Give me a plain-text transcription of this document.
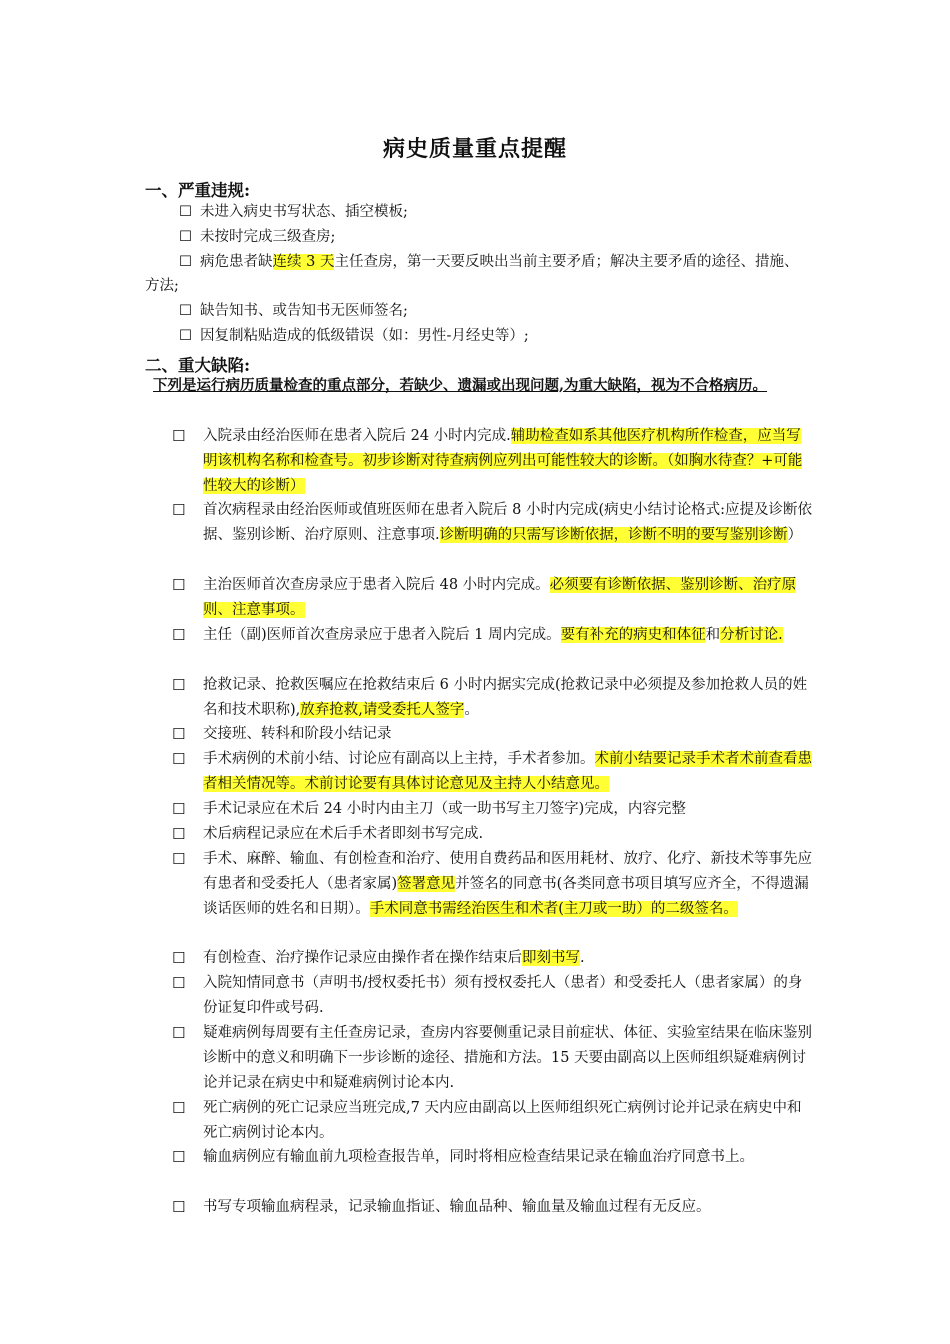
病史质量重点提醒
一、严重违规:
☐ 未进入病史书写状态、插空模板;
☐ 未按时完成三级查房;
☐ 病危患者缺连续 3 天主任查房，第一天要反映出当前主要矛盾；解决主要矛盾的途径、措施、方法;
☐ 缺告知书、或告知书无医师签名;
☐ 因复制粘贴造成的低级错误（如：男性-月经史等）;
二、重大缺陷:
下列是运行病历质量检查的重点部分，若缺少、遗漏或出现问题,为重大缺陷，视为不合格病历。
☐ 入院录由经治医师在患者入院后 24 小时内完成.辅助检查如系其他医疗机构所作检查，应当写明该机构名称和检查号。初步诊断对待查病例应列出可能性较大的诊断。（如胸水待查？+可能性较大的诊断）
☐ 首次病程录由经治医师或值班医师在患者入院后 8 小时内完成(病史小结讨论格式:应提及诊断依据、鉴别诊断、治疗原则、注意事项.诊断明确的只需写诊断依据，诊断不明的要写鉴别诊断）
☐ 主治医师首次查房录应于患者入院后 48 小时内完成。必须要有诊断依据、鉴别诊断、治疗原则、注意事项。
☐ 主任（副)医师首次查房录应于患者入院后 1 周内完成。要有补充的病史和体征和分析讨论.
☐ 抢救记录、抢救医嘱应在抢救结束后 6 小时内据实完成(抢救记录中必须提及参加抢救人员的姓名和技术职称),放弃抢救,请受委托人签字。
☐ 交接班、转科和阶段小结记录
☐ 手术病例的术前小结、讨论应有副高以上主持，手术者参加。术前小结要记录手术者术前查看患者相关情况等。术前讨论要有具体讨论意见及主持人小结意见。
☐ 手术记录应在术后 24 小时内由主刀（或一助书写主刀签字)完成，内容完整
☐ 术后病程记录应在术后手术者即刻书写完成.
☐ 手术、麻醉、输血、有创检查和治疗、使用自费药品和医用耗材、放疗、化疗、新技术等事先应有患者和受委托人（患者家属)签署意见并签名的同意书(各类同意书项目填写应齐全，不得遗漏谈话医师的姓名和日期）。手术同意书需经治医生和术者(主刀或一助）的二级签名。
☐ 有创检查、治疗操作记录应由操作者在操作结束后即刻书写.
☐ 入院知情同意书（声明书/授权委托书）须有授权委托人（患者）和受委托人（患者家属）的身份证复印件或号码.
☐ 疑难病例每周要有主任查房记录，查房内容要侧重记录目前症状、体征、实验室结果在临床鉴别诊断中的意义和明确下一步诊断的途径、措施和方法。15 天要由副高以上医师组织疑难病例讨论并记录在病史中和疑难病例讨论本内.
☐ 死亡病例的死亡记录应当班完成,7 天内应由副高以上医师组织死亡病例讨论并记录在病史中和死亡病例讨论本内。
☐ 输血病例应有输血前九项检查报告单，同时将相应检查结果记录在输血治疗同意书上。
☐ 书写专项输血病程录，记录输血指证、输血品种、输血量及输血过程有无反应。
